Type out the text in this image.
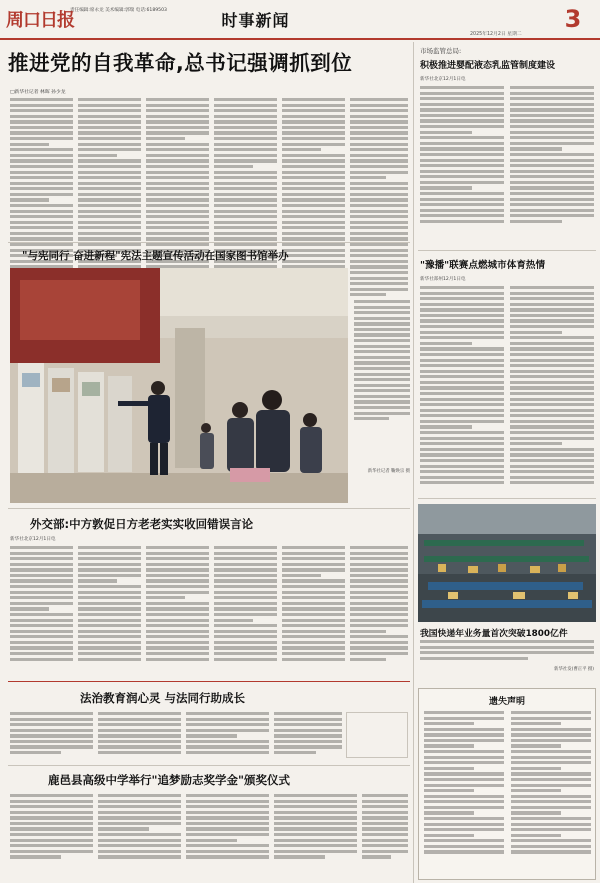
周口日报
责任编辑:席永龙 美术编辑:郭瑞 电话:6189503
时事新闻	3
2025年12月2日 星期二
推进党的自我革命,总书记强调抓到位
□新华社记者 林晖 孙少龙
市场监管总局:
积极推进婴配液态乳监管制度建设
新华社北京12月1日电
"豫播"联赛点燃城市体育热情
新华社郑州12月1日电
"与宪同行 奋进新程"宪法主题宣传活动在国家图书馆举办
新华社记者 鞠焕宗 摄
外交部:中方敦促日方老老实实收回错误言论
新华社北京12月1日电
我国快递年业务量首次突破1800亿件
新华社发(曹正平 摄)
法治教育润心灵 与法同行助成长
鹿邑县高级中学举行"追梦励志奖学金"颁奖仪式
遗失声明
